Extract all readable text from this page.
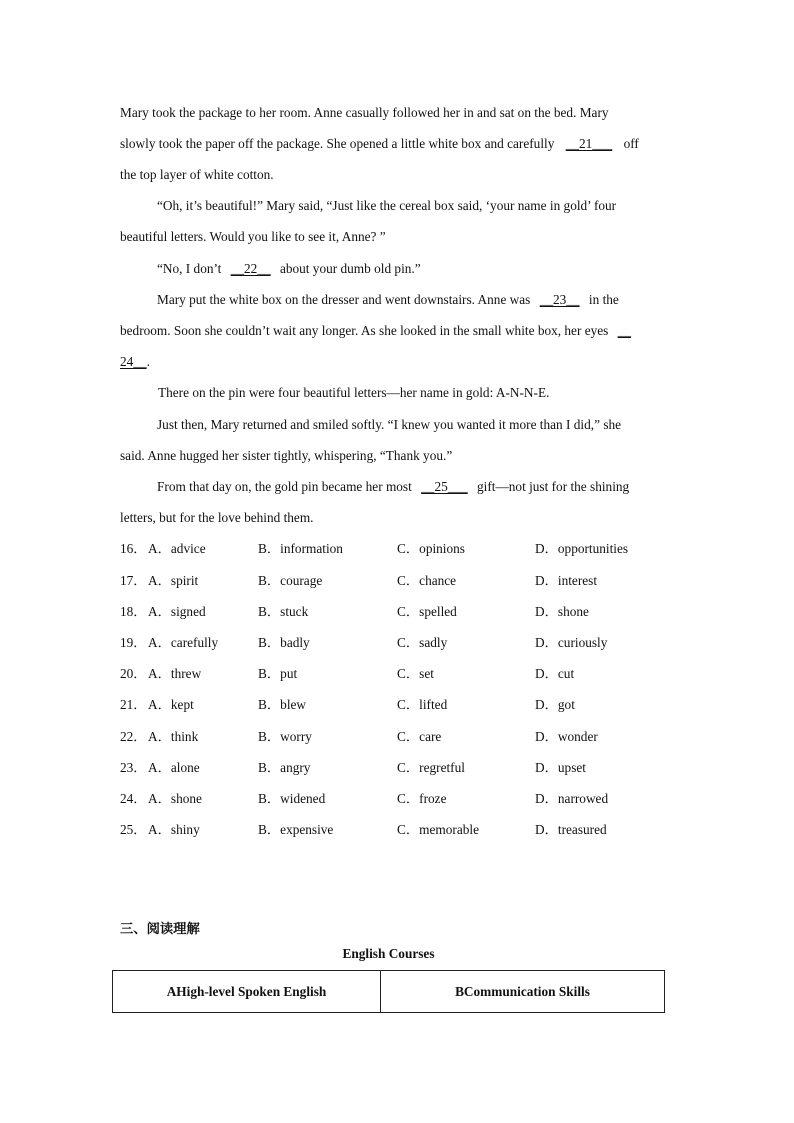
Mary took the package to her room. Anne casually followed her in and sat on the bed. Mary
slowly took the paper off the package. She opened a little white box and carefully __21___ off
the top layer of white cotton.
“Oh, it’s beautiful!” Mary said, “Just like the cereal box said, ‘your name in gold’ four
beautiful letters. Would you like to see it, Anne? ”
“No, I don’t __22__ about your dumb old pin.”
Mary put the white box on the dresser and went downstairs. Anne was __23__ in the
bedroom. Soon she couldn’t wait any longer. As she looked in the small white box, her eyes __
24__.
There on the pin were four beautiful letters—her name in gold: A-N-N-E.
Just then, Mary returned and smiled softly. “I knew you wanted it more than I did,” she
said. Anne hugged her sister tightly, whispering, “Thank you.”
From that day on, the gold pin became her most __25___ gift—not just for the shining
letters, but for the love behind them.
16． A．advice	B．information	C．opinions	D．opportunities
17． A．spirit	B．courage	C．chance	D．interest
18． A．signed	B．stuck	C．spelled	D．shone
19． A．carefully	B．badly	C．sadly	D．curiously
20． A．threw	B．put	C．set	D．cut
21． A．kept	B．blew	C．lifted	D．got
22． A．think	B．worry	C．care	D．wonder
23． A．alone	B．angry	C．regretful	D．upset
24． A．shone	B．widened	C．froze	D．narrowed
25． A．shiny	B．expensive	C．memorable	D．treasured
三、阅读理解
English Courses
AHigh-level Spoken English	BCommunication Skills
